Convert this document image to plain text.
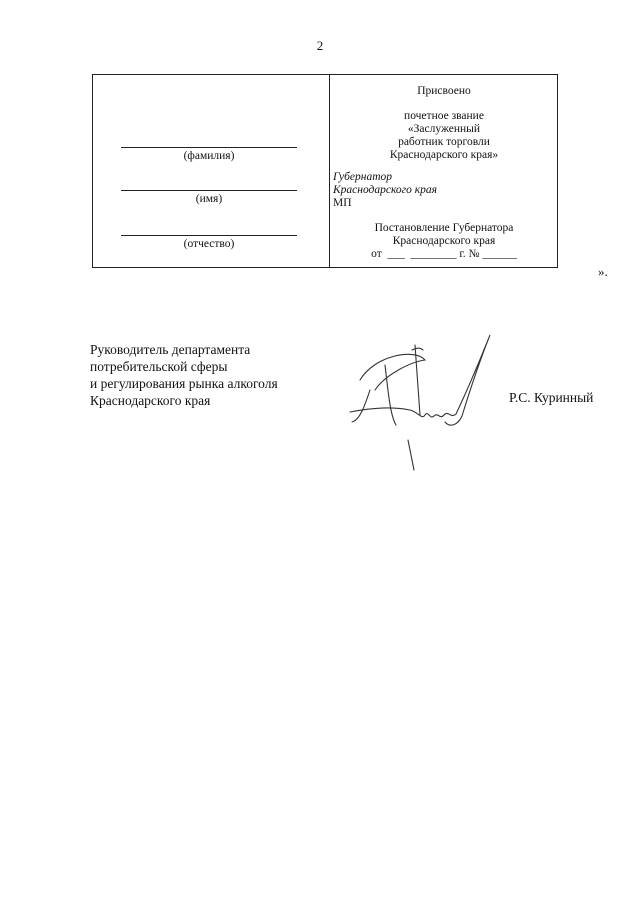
2
(фамилия)
(имя)
(отчество)
Присвоено
почетное звание
«Заслуженный
работник торговли
Краснодарского края»
Губернатор
Краснодарского края
МП
Постановление Губернатора
Краснодарского края
от  ___  ________ г. № ______
».
Руководитель департамента
потребительской сферы
и регулирования рынка алкоголя
Краснодарского края	Р.С. Куринный
